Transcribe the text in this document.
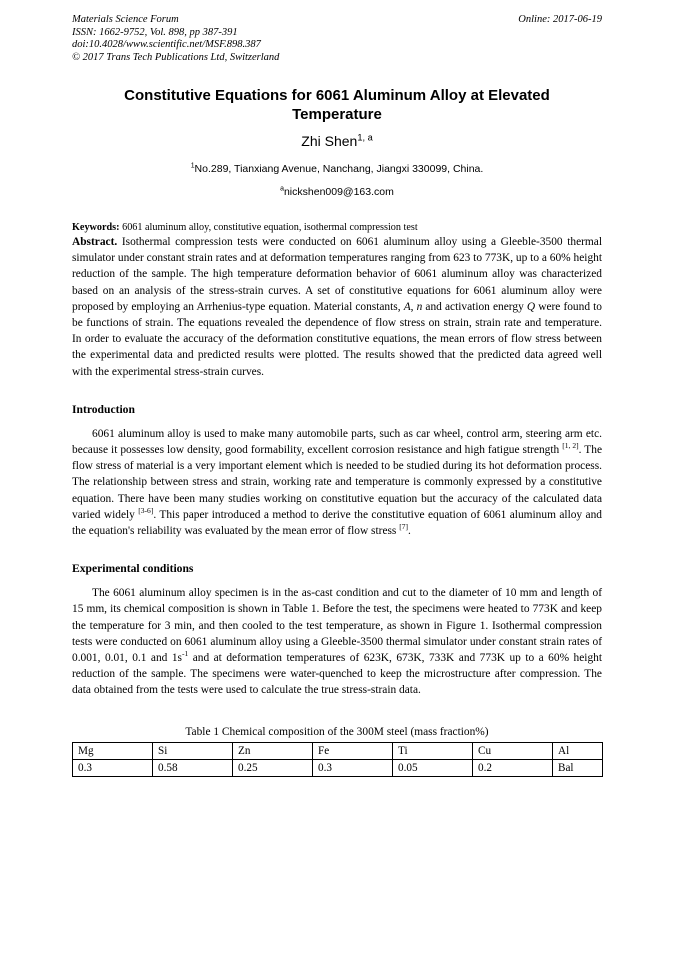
Materials Science Forum
ISSN: 1662-9752, Vol. 898, pp 387-391
doi:10.4028/www.scientific.net/MSF.898.387
© 2017 Trans Tech Publications Ltd, Switzerland
Online: 2017-06-19
Constitutive Equations for 6061 Aluminum Alloy at Elevated Temperature
Zhi Shen$^{1, a}$
$^1$No.289, Tianxiang Avenue, Nanchang, Jiangxi 330099, China.
$^a$nickshen009@163.com
Keywords: 6061 aluminum alloy, constitutive equation, isothermal compression test

Abstract. Isothermal compression tests were conducted on 6061 aluminum alloy using a Gleeble-3500 thermal simulator under constant strain rates and at deformation temperatures ranging from 623 to 773K, up to a 60% height reduction of the sample. The high temperature deformation behavior of 6061 aluminum alloy was characterized based on an analysis of the stress-strain curves. A set of constitutive equations for 6061 aluminum alloy were proposed by employing an Arrhenius-type equation. Material constants, A, n and activation energy Q were found to be functions of strain. The equations revealed the dependence of flow stress on strain, strain rate and temperature. In order to evaluate the accuracy of the deformation constitutive equations, the mean errors of flow stress between the experimental data and predicted results were plotted. The results showed that the predicted data agreed well with the experimental stress-strain curves.

Introduction

6061 aluminum alloy is used to make many automobile parts, such as car wheel, control arm, steering arm etc. because it possesses low density, good formability, excellent corrosion resistance and high fatigue strength [1, 2]. The flow stress of material is a very important element which is needed to be studied during its hot deformation process. The relationship between stress and strain, working rate and temperature is commonly expressed by a constitutive equation. There have been many studies working on constitutive equation but the accuracy of the calculated data varied widely [3-6]. This paper introduced a method to derive the constitutive equation of 6061 aluminum alloy and the equation's reliability was evaluated by the mean error of flow stress [7].

Experimental conditions

The 6061 aluminum alloy specimen is in the as-cast condition and cut to the diameter of 10 mm and length of 15 mm, its chemical composition is shown in Table 1. Before the test, the specimens were heated to 773K and keep the temperature for 3 min, and then cooled to the test temperature, as shown in Figure 1. Isothermal compression tests were conducted on 6061 aluminum alloy using a Gleeble-3500 thermal simulator under constant strain rates of 0.001, 0.01, 0.1 and $1s^{-1}$ and at deformation temperatures of 623K, 673K, 733K and 773K up to a 60% height reduction of the sample. The specimens were water-quenched to keep the microstructure after compression. The data obtained from the tests were used to calculate the true stress-strain data.

Table 1 Chemical composition of the 300M steel (mass fraction%)
Mg	Si	Zn	Fe	Ti	Cu	Al
0.3	0.58	0.25	0.3	0.05	0.2	Bal
